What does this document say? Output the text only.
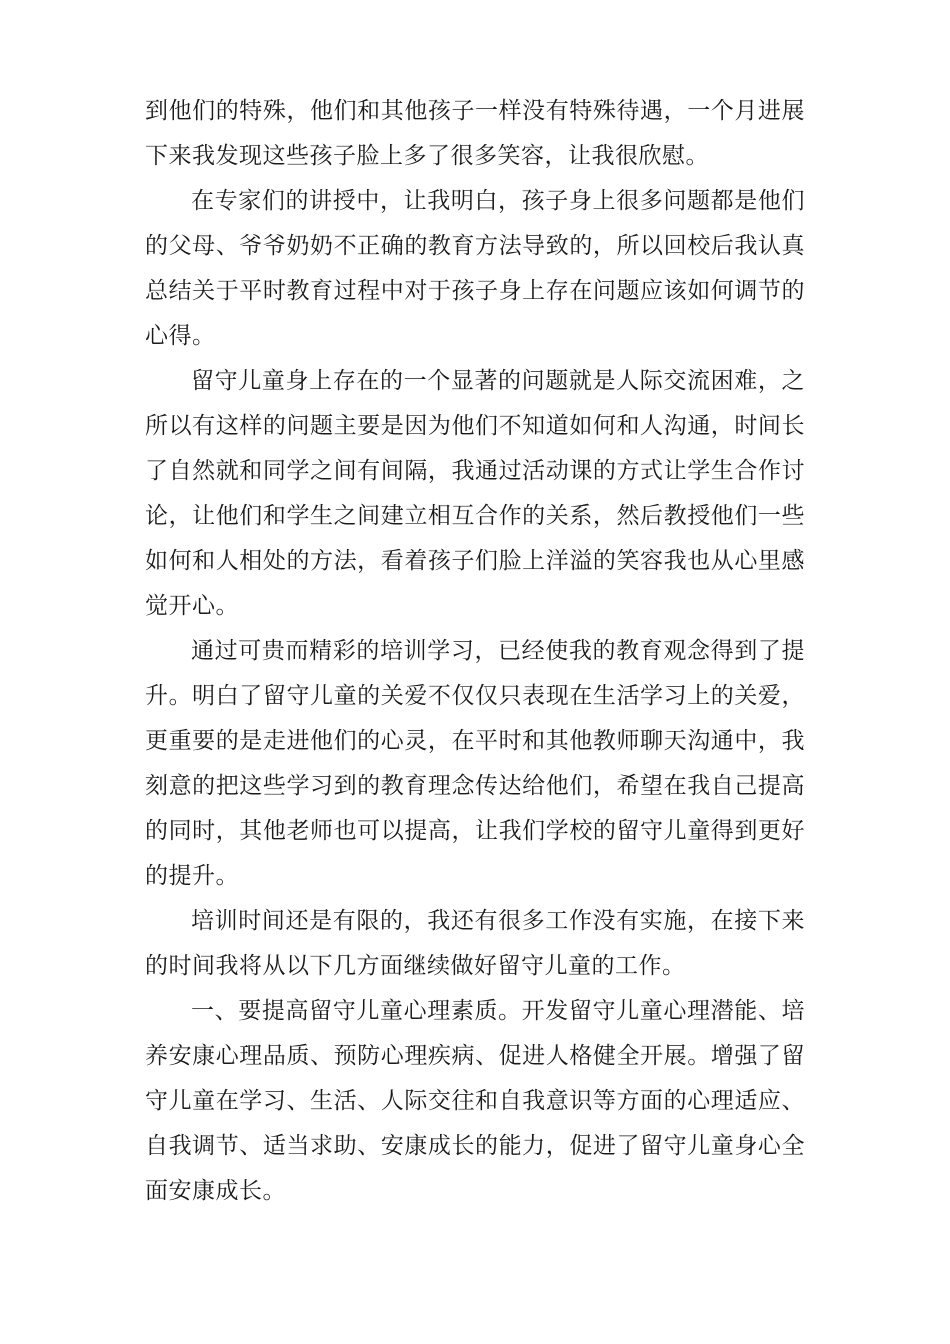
到他们的特殊，他们和其他孩子一样没有特殊待遇，一个月进展下来我发现这些孩子脸上多了很多笑容，让我很欣慰。

在专家们的讲授中，让我明白，孩子身上很多问题都是他们的父母、爷爷奶奶不正确的教育方法导致的，所以回校后我认真总结关于平时教育过程中对于孩子身上存在问题应该如何调节的心得。

留守儿童身上存在的一个显著的问题就是人际交流困难，之所以有这样的问题主要是因为他们不知道如何和人沟通，时间长了自然就和同学之间有间隔，我通过活动课的方式让学生合作讨论，让他们和学生之间建立相互合作的关系，然后教授他们一些如何和人相处的方法，看着孩子们脸上洋溢的笑容我也从心里感觉开心。

通过可贵而精彩的培训学习，已经使我的教育观念得到了提升。明白了留守儿童的关爱不仅仅只表现在生活学习上的关爱，更重要的是走进他们的心灵，在平时和其他教师聊天沟通中，我刻意的把这些学习到的教育理念传达给他们，希望在我自己提高的同时，其他老师也可以提高，让我们学校的留守儿童得到更好的提升。

培训时间还是有限的，我还有很多工作没有实施，在接下来的时间我将从以下几方面继续做好留守儿童的工作。

一、要提高留守儿童心理素质。开发留守儿童心理潜能、培养安康心理品质、预防心理疾病、促进人格健全开展。增强了留守儿童在学习、生活、人际交往和自我意识等方面的心理适应、自我调节、适当求助、安康成长的能力，促进了留守儿童身心全面安康成长。
